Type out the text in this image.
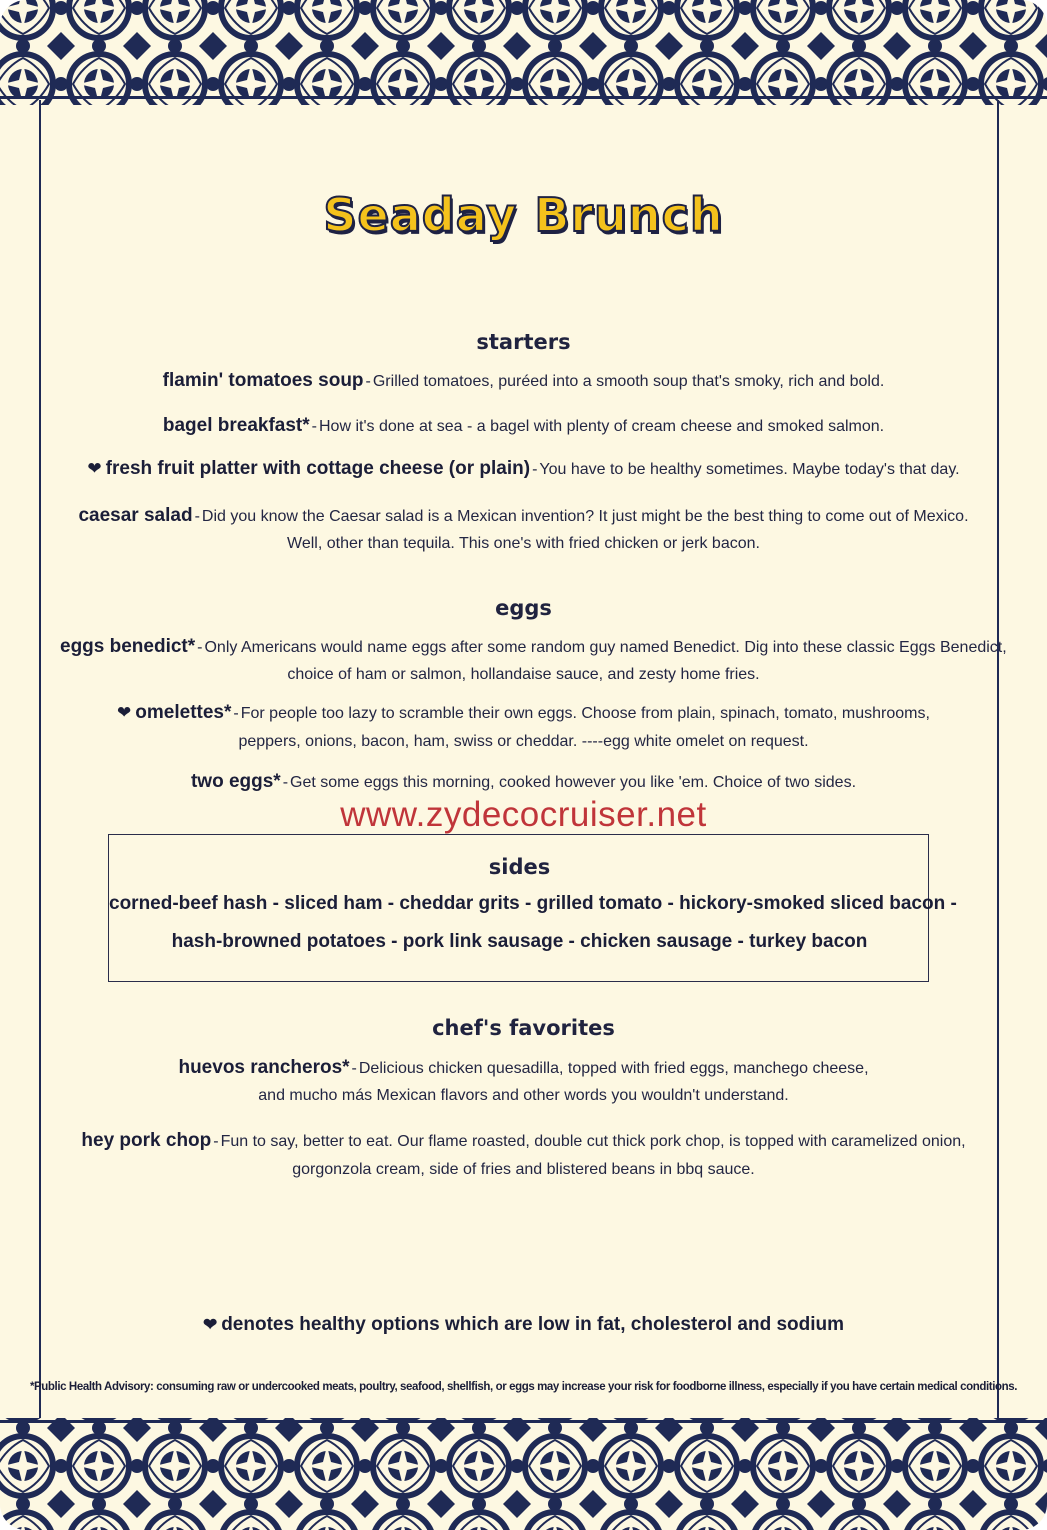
Seaday Brunch
starters
flamin' tomatoes soup - Grilled tomatoes, puréed into a smooth soup that's smoky, rich and bold.
bagel breakfast* - How it's done at sea - a bagel with plenty of cream cheese and smoked salmon.
❤ fresh fruit platter with cottage cheese (or plain) - You have to be healthy sometimes. Maybe today's that day.
caesar salad - Did you know the Caesar salad is a Mexican invention? It just might be the best thing to come out of Mexico.
Well, other than tequila. This one's with fried chicken or jerk bacon.
eggs
eggs benedict* - Only Americans would name eggs after some random guy named Benedict. Dig into these classic Eggs Benedict,
choice of ham or salmon, hollandaise sauce, and zesty home fries.
❤ omelettes* - For people too lazy to scramble their own eggs. Choose from plain, spinach, tomato, mushrooms,
peppers, onions, bacon, ham, swiss or cheddar. ----egg white omelet on request.
two eggs* - Get some eggs this morning, cooked however you like 'em. Choice of two sides.
www.zydecocruiser.net
sides
corned-beef hash - sliced ham - cheddar grits - grilled tomato - hickory-smoked sliced bacon -
hash-browned potatoes - pork link sausage - chicken sausage - turkey bacon
chef's favorites
huevos rancheros* - Delicious chicken quesadilla, topped with fried eggs, manchego cheese,
and mucho más Mexican flavors and other words you wouldn't understand.
hey pork chop - Fun to say, better to eat. Our flame roasted, double cut thick pork chop, is topped with caramelized onion,
gorgonzola cream, side of fries and blistered beans in bbq sauce.
❤ denotes healthy options which are low in fat, cholesterol and sodium
*Public Health Advisory: consuming raw or undercooked meats, poultry, seafood, shellfish, or eggs may increase your risk for foodborne illness, especially if you have certain medical conditions.
